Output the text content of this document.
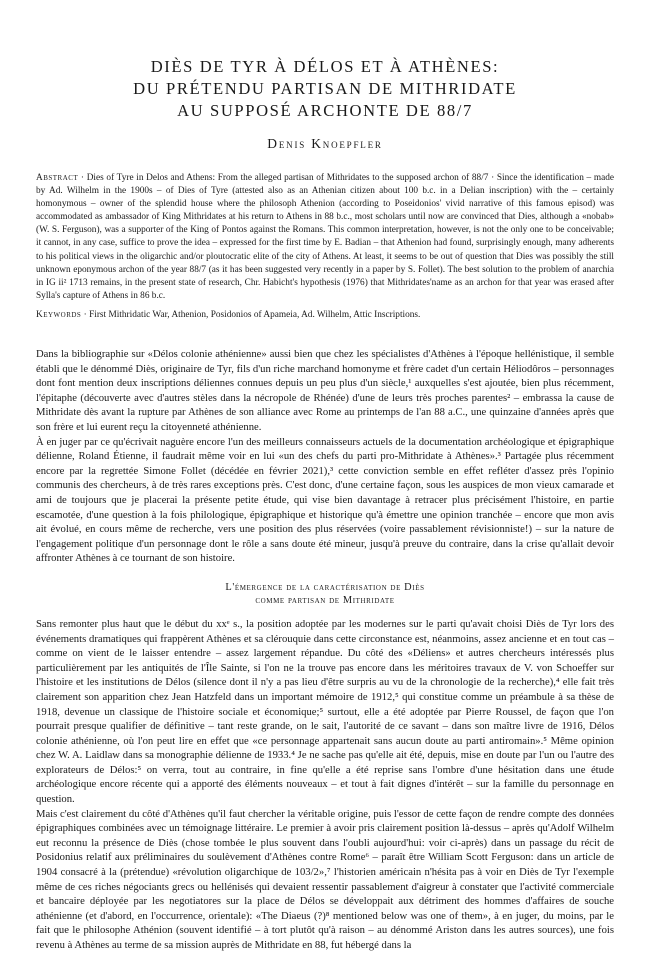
DIÈS DE TYR À DÉLOS ET À ATHÈNES:
DU PRÉTENDU PARTISAN DE MITHRIDATE
AU SUPPOSÉ ARCHONTE DE 88/7
Denis Knoepfler

Abstract · Dies of Tyre in Delos and Athens: From the alleged partisan of Mithridates to the supposed archon of 88/7 · Since the identification – made by Ad. Wilhelm in the 1900s – of Dies of Tyre (attested also as an Athenian citizen about 100 b.c. in a Delian inscription) with the – certainly homonymous – owner of the splendid house where the philosoph Athenion (according to Poseidonios' vivid narrative of this famous episod) was accommodated as ambassador of King Mithridates at his return to Athens in 88 b.c., most scholars until now are convinced that Dies, although a «nobab» (W. S. Ferguson), was a supporter of the King of Pontos against the Romans. This common interpretation, however, is not the only one to be conceivable; it cannot, in any case, suffice to prove the idea – expressed for the first time by E. Badian – that Athenion had found, surprisingly enough, many adherents to his political views in the oligarchic and/or ploutocratic elite of the city of Athens. At least, it seems to be out of question that Dies was possibly the still unknown eponymous archon of the year 88/7 (as it has been suggested very recently in a paper by S. Follet). The best solution to the problem of anarchia in IG ii² 1713 remains, in the present state of research, Chr. Habicht's hypothesis (1976) that Mithridates'name as an archon for that year was erased after Sylla's capture of Athens in 86 b.c.

Keywords · First Mithridatic War, Athenion, Posidonios of Apameia, Ad. Wilhelm, Attic Inscriptions.

Dans la bibliographie sur «Délos colonie athénienne» aussi bien que chez les spécialistes d'Athènes à l'époque hellénistique, il semble établi que le dénommé Diès, originaire de Tyr, fils d'un riche marchand homonyme et frère cadet d'un certain Héliodôros – personnages dont font mention deux inscriptions déliennes connues depuis un peu plus d'un siècle,¹ auxquelles s'est ajoutée, bien plus récemment, l'épitaphe (découverte avec d'autres stèles dans la nécropole de Rhénée) d'une de leurs très proches parentes² – embrassa la cause de Mithridate dès avant la rupture par Athènes de son alliance avec Rome au printemps de l'an 88 a.C., une quinzaine d'années après que son frère et lui eurent reçu la citoyenneté athénienne.

À en juger par ce qu'écrivait naguère encore l'un des meilleurs connaisseurs actuels de la documentation archéologique et épigraphique délienne, Roland Étienne, il faudrait même voir en lui «un des chefs du parti pro-Mithridate à Athènes».³ Partagée plus récemment encore par la regrettée Simone Follet (décédée en février 2021),³ cette conviction semble en effet refléter d'assez près l'opinio communis des chercheurs, à de très rares exceptions près. C'est donc, d'une certaine façon, sous les auspices de mon vieux camarade et ami de toujours que je placerai la présente petite étude, qui vise bien davantage à retracer plus précisément l'histoire, en partie escamotée, d'une question à la fois philologique, épigraphique et historique qu'à émettre une opinion tranchée – encore que mon avis ait évolué, en cours même de recherche, vers une position des plus réservées (voire passablement révisionniste!) – sur la nature de l'engagement politique d'un personnage dont le rôle a sans doute été mineur, jusqu'à preuve du contraire, dans la crise qu'allait devoir affronter Athènes à ce tournant de son histoire.

L'émergence de la caractérisation de Diès
comme partisan de Mithridate

Sans remonter plus haut que le début du xxᵉ s., la position adoptée par les modernes sur le parti qu'avait choisi Diès de Tyr lors des événements dramatiques qui frappèrent Athènes et sa clérouquie dans cette circonstance est, néanmoins, assez ancienne et en tout cas – comme on vient de le laisser entendre – assez largement répandue. Du côté des «Déliens» et autres chercheurs intéressés plus particulièrement par les antiquités de l'Île Sainte, si l'on ne la trouve pas encore dans les méritoires travaux de V. von Schoeffer sur l'histoire et les institutions de Délos (silence dont il n'y a pas lieu d'être surpris au vu de la chronologie de la recherche),⁴ elle fait très clairement son apparition chez Jean Hatzfeld dans un important mémoire de 1912,⁵ qui constitue comme un préambule à sa thèse de 1918, devenue un classique de l'histoire sociale et économique;⁵ surtout, elle a été adoptée par Pierre Roussel, de façon que l'on pourrait presque qualifier de définitive – tant reste grande, on le sait, l'autorité de ce savant – dans son maître livre de 1916, Délos colonie athénienne, où l'on peut lire en effet que «ce personnage appartenait sans aucun doute au parti antiromain».⁵ Même opinion chez W. A. Laidlaw dans sa monographie délienne de 1933.⁴ Je ne sache pas qu'elle ait été, depuis, mise en doute par l'un ou l'autre des explorateurs de Délos:⁵ on verra, tout au contraire, in fine qu'elle a été reprise sans l'ombre d'une hésitation dans une étude archéologique encore récente qui a apporté des éléments nouveaux – et tout à fait dignes d'intérêt – sur la famille du personnage en question.

Mais c'est clairement du côté d'Athènes qu'il faut chercher la véritable origine, puis l'essor de cette façon de rendre compte des données épigraphiques combinées avec un témoignage littéraire. Le premier à avoir pris clairement position là-dessus – après qu'Adolf Wilhelm eut reconnu la présence de Diès (chose tombée le plus souvent dans l'oubli aujourd'hui: voir ci-après) dans un passage du récit de Posidonius relatif aux préliminaires du soulèvement d'Athènes contre Rome⁶ – paraît être William Scott Ferguson: dans un article de 1904 consacré à la (prétendue) «révolution oligarchique de 103/2»,⁷ l'historien américain n'hésita pas à voir en Diès de Tyr l'exemple même de ces riches négociants grecs ou hellénisés qui devaient ressentir passablement d'aigreur à constater que l'activité commerciale et bancaire déployée par les negotiatores sur la place de Délos se développait aux détriment des hommes d'affaires de souche athénienne (et d'abord, en l'occurrence, orientale): «The Diaeus (?)⁸ mentioned below was one of them», à en juger, du moins, par le fait que le philosophe Athénion (souvent identifié – à tort plutôt qu'à raison – au dénommé Ariston dans les autres sources), une fois revenu à Athènes au terme de sa mission auprès de Mithridate en 88, fut hébergé dans la
